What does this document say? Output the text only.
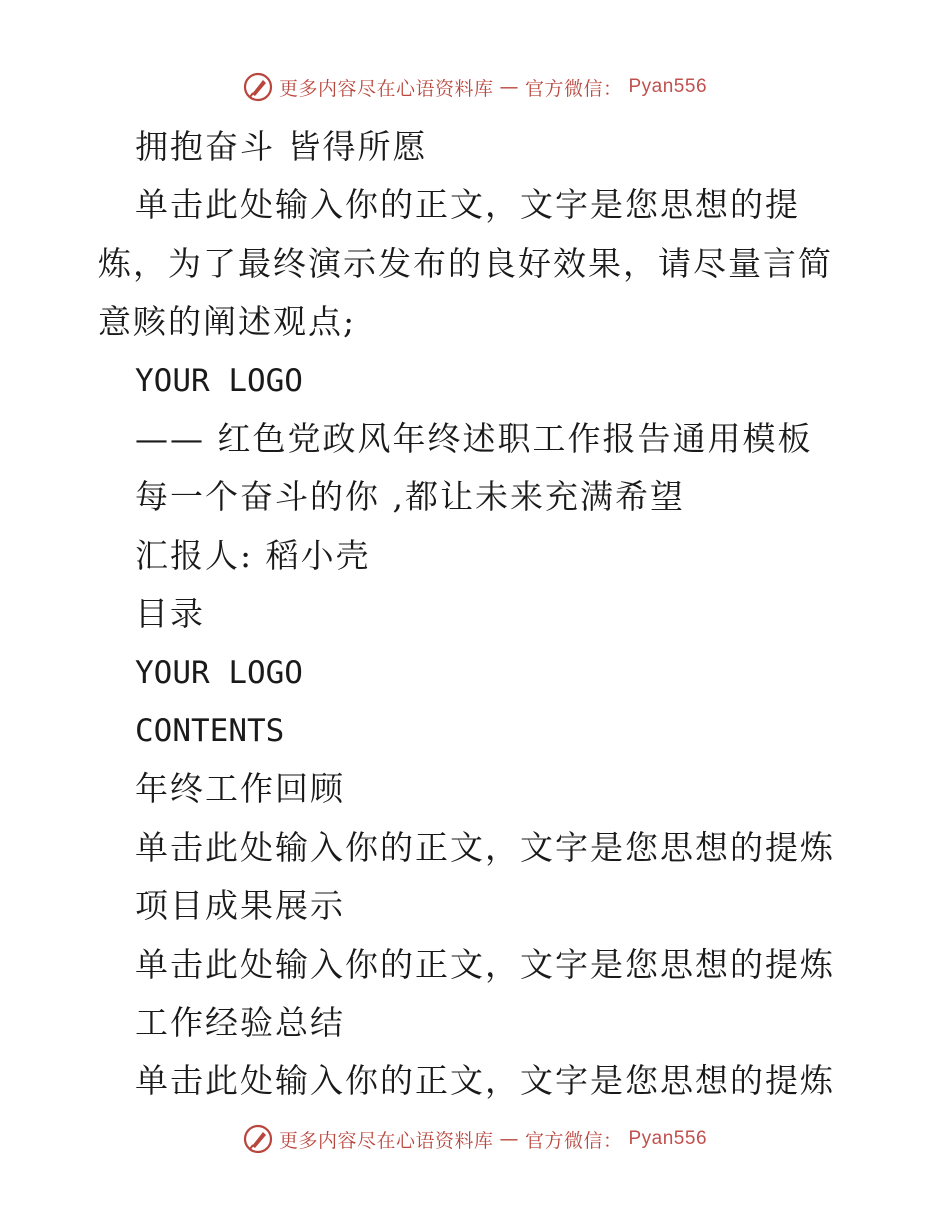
更多内容尽在心语资料库 — 官方微信： Pyan556
拥抱奋斗 皆得所愿
单击此处输入你的正文，文字是您思想的提炼，为了最终演示发布的良好效果，请尽量言简意赅的阐述观点;
YOUR LOGO
—— 红色党政风年终述职工作报告通用模板
每一个奋斗的你 ,都让未来充满希望
汇报人: 稻小壳
目录
YOUR LOGO
CONTENTS
年终工作回顾
单击此处输入你的正文，文字是您思想的提炼
项目成果展示
单击此处输入你的正文，文字是您思想的提炼
工作经验总结
单击此处输入你的正文，文字是您思想的提炼
更多内容尽在心语资料库 — 官方微信： Pyan556
